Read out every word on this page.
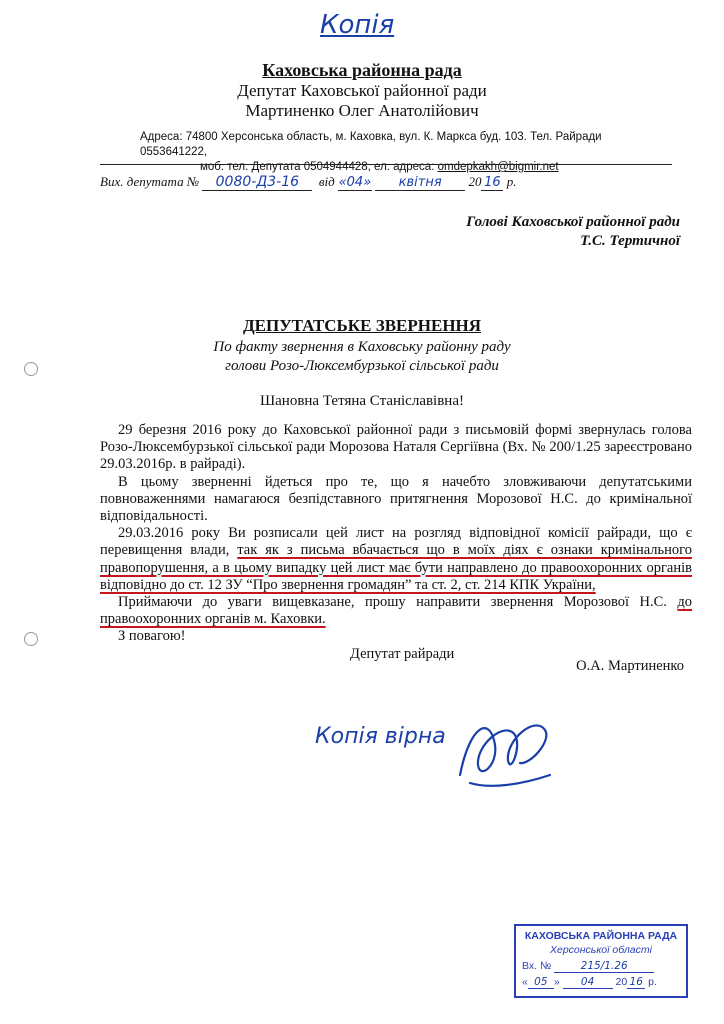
Копія
Каховська районна рада
Депутат Каховської районної ради
Мартиненко Олег Анатолійович
Адреса: 74800 Херсонська область, м. Каховка, вул. К. Маркса буд. 103. Тел. Райради 0553641222,
моб. тел. Депутата 0504944428, ел. адреса: omdepkakh@bigmir.net
Вих. депутата № 0080-Д3-16 від «04» квітня 20 16 р.
Голові Каховської районної ради
Т.С. Тертичної
ДЕПУТАТСЬКЕ ЗВЕРНЕННЯ
По факту звернення в Каховську районну раду
голови Розо-Люксембурзької сільської ради
Шановна Тетяна Станіславівна!

29 березня 2016 року до Каховської районної ради з письмовій формі звернулась голова Розо-Люксембурзької сільської ради Морозова Наталя Сергіївна (Вх. № 200/1.25 зареєстровано 29.03.2016р. в райраді).

В цьому зверненні йдеться про те, що я начебто зловживаючи депутатськими повноваженнями намагаюся безпідставного притягнення Морозової Н.С. до кримінальної відповідальності.

29.03.2016 року Ви розписали цей лист на розгляд відповідної комісії райради, що є перевищення влади, так як з письма вбачається що в моїх діях є ознаки кримінального правопорушення, а в цьому випадку цей лист має бути направлено до правоохоронних органів відповідно до ст. 12 ЗУ “Про звернення громадян” та ст. 2, ст. 214 КПК України,

Приймаючи до уваги вищевказане, прошу направити звернення Морозової Н.С. до правоохоронних органів м. Каховки.

З повагою!

Депутат райради
О.А. Мартиненко
Копія вірна
КАХОВСЬКА РАЙОННА РАДА
Херсонської області
Вх. №	215/1.26
« 05 » 04 20 16 р.
